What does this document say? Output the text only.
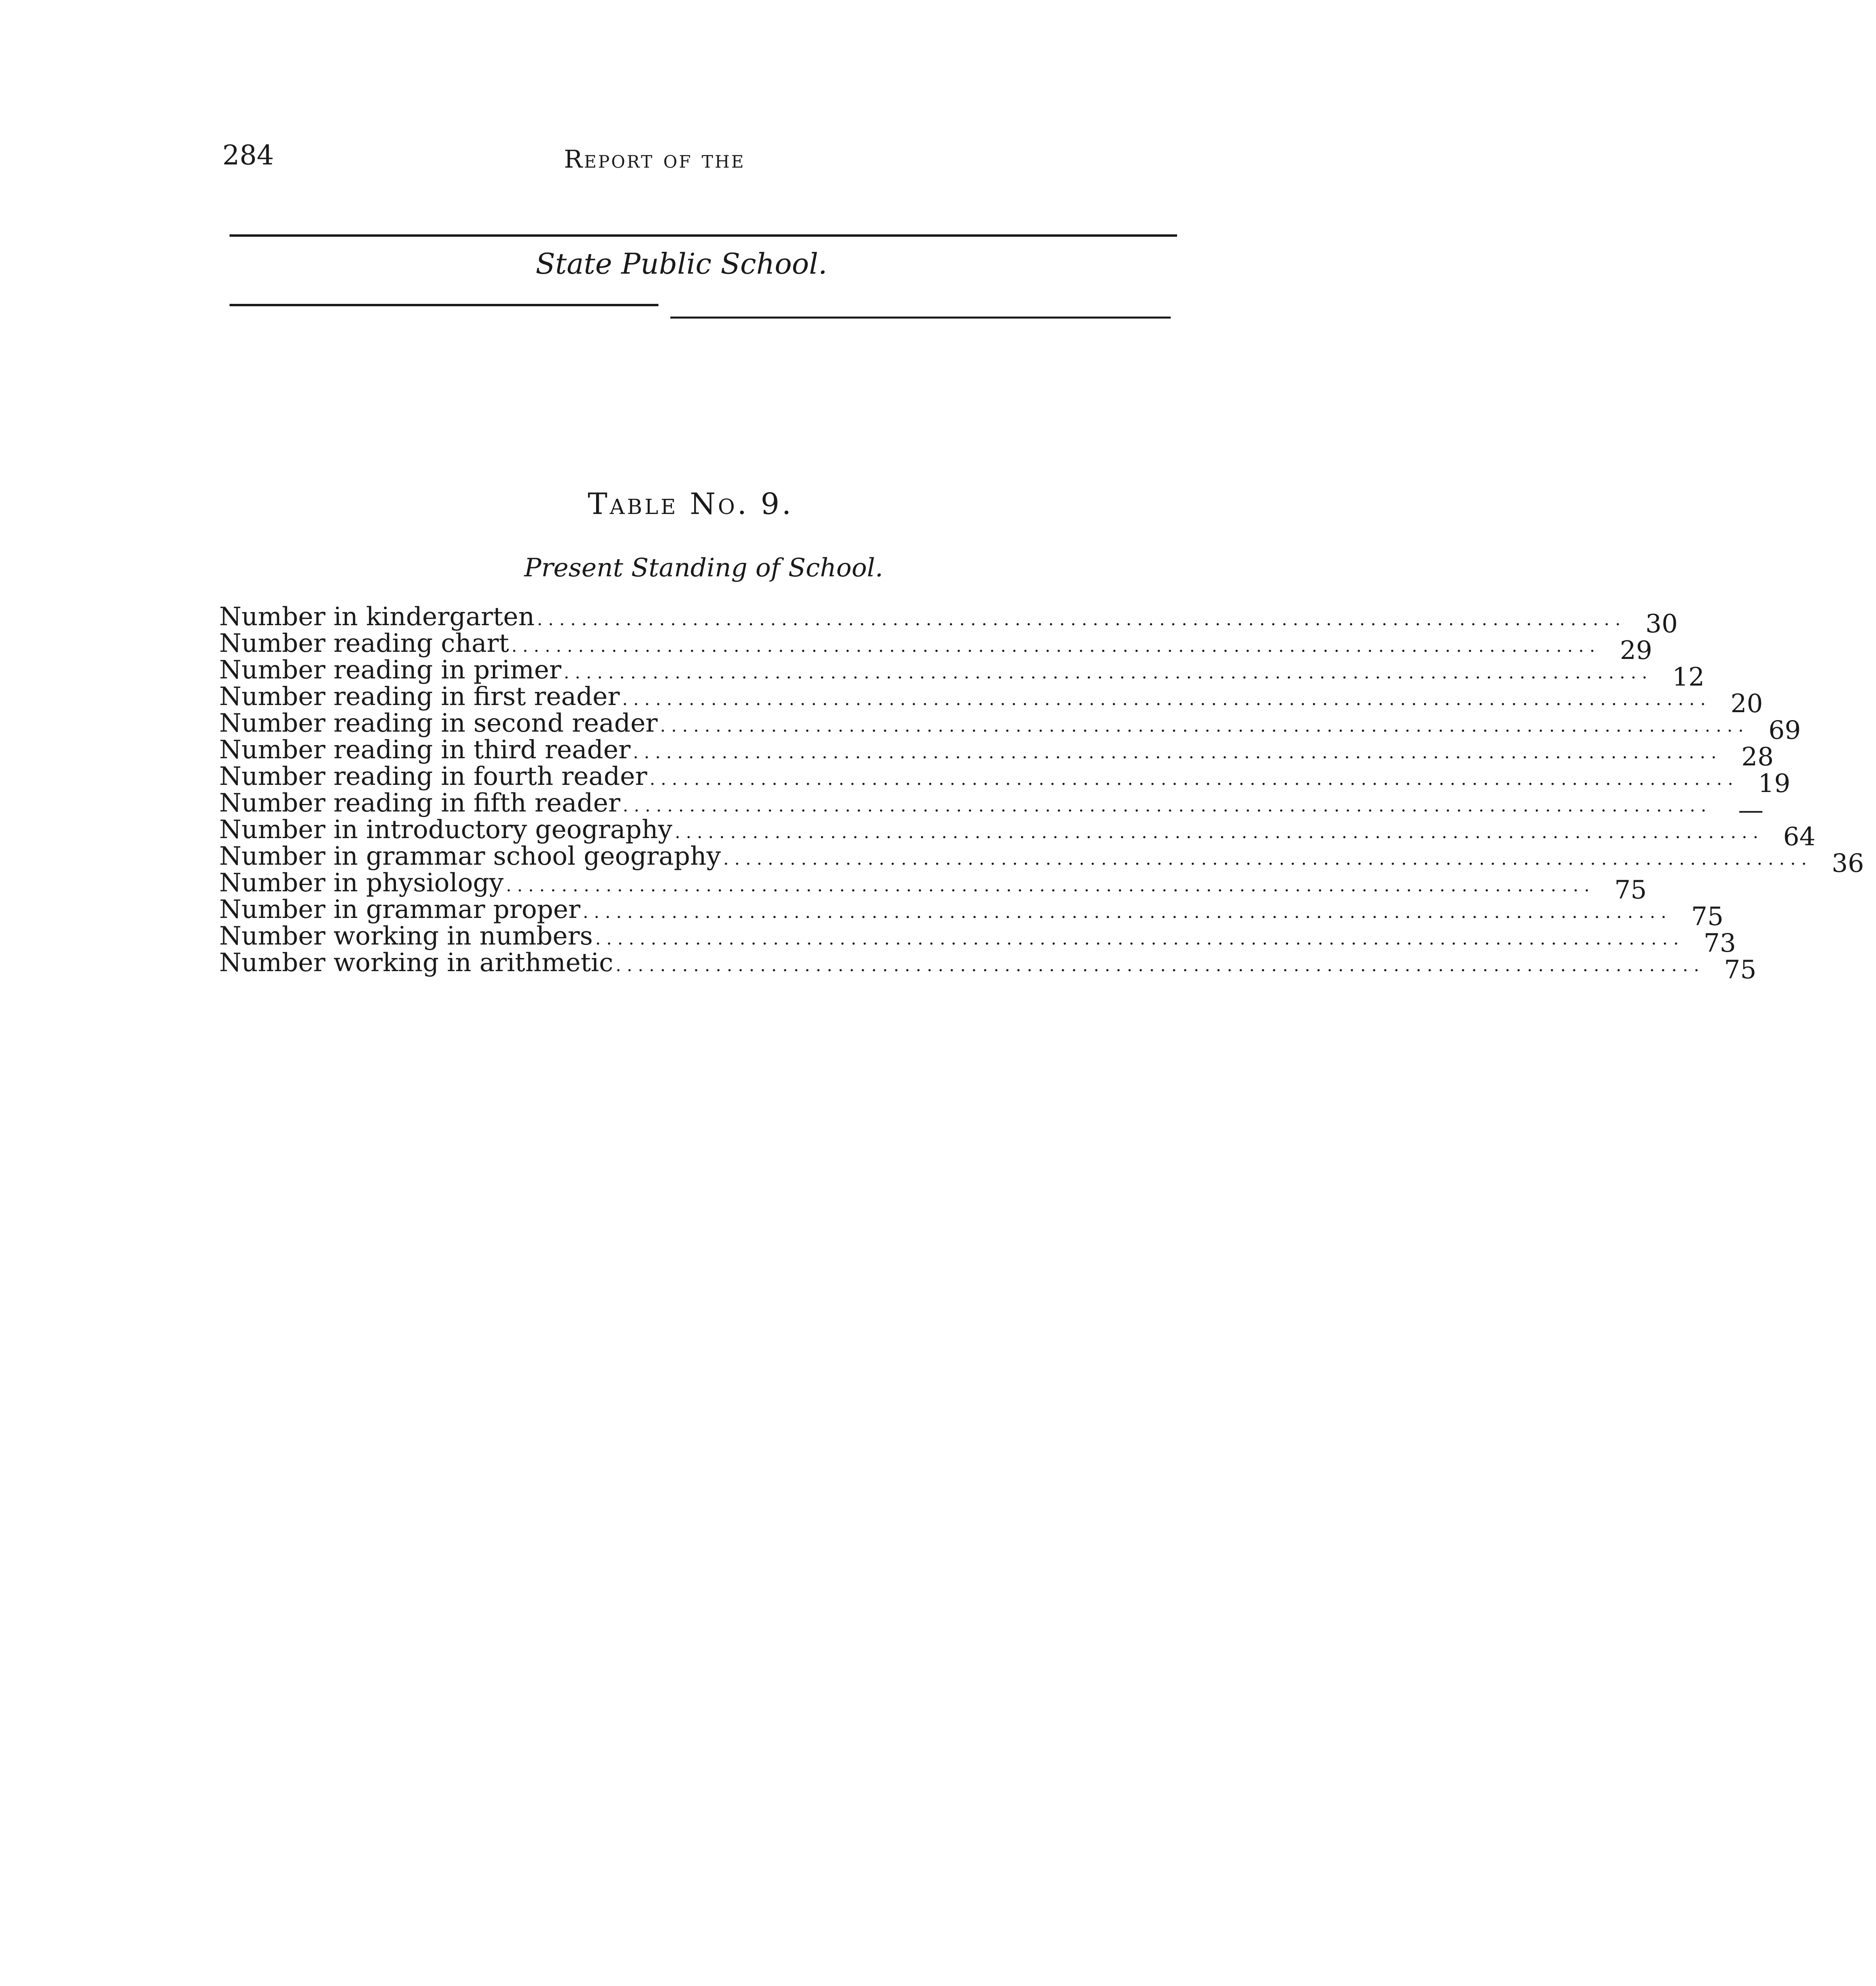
284	Report of the
State Public School.
Table No. 9.
Present Standing of School.
Number in kindergarten .................................................................................................. 30
Number reading chart .................................................................................................. 29
Number reading in primer .................................................................................................. 12
Number reading in first reader .................................................................................................. 20
Number reading in second reader .................................................................................................. 69
Number reading in third reader .................................................................................................. 28
Number reading in fourth reader .................................................................................................. 19
Number reading in fifth reader ..................................................................................................	—
Number in introductory geography .................................................................................................. 64
Number in grammar school geography .................................................................................................. 36
Number in physiology .................................................................................................. 75
Number in grammar proper .................................................................................................. 75
Number working in numbers .................................................................................................. 73
Number working in arithmetic .................................................................................................. 75
